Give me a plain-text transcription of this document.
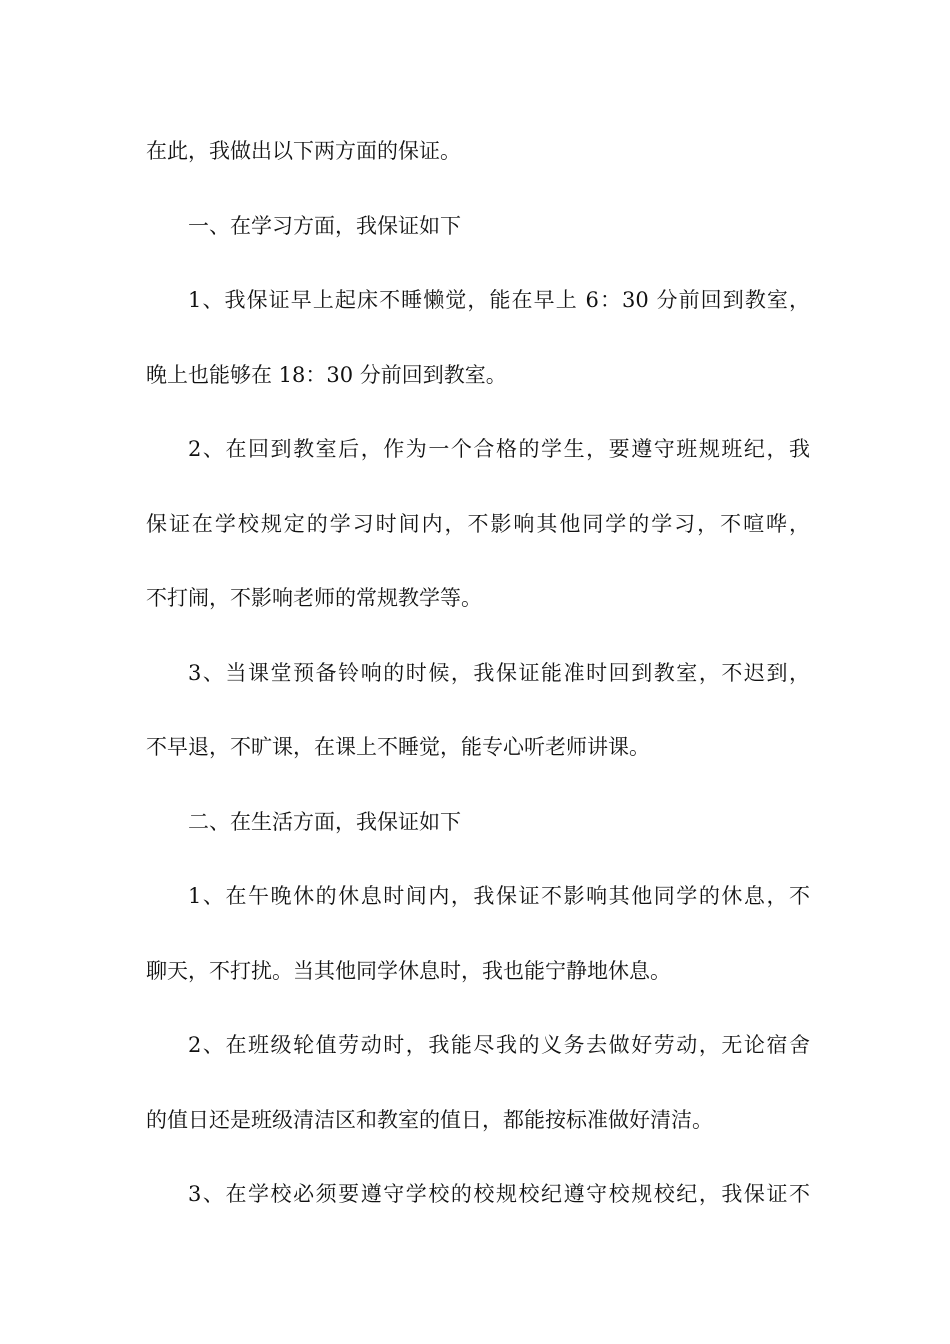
在此，我做出以下两方面的保证。
一、在学习方面，我保证如下
1、我保证早上起床不睡懒觉，能在早上 6：30 分前回到教室，
晚上也能够在 18：30 分前回到教室。
2、在回到教室后，作为一个合格的学生，要遵守班规班纪，我
保证在学校规定的学习时间内，不影响其他同学的学习，不喧哗，
不打闹，不影响老师的常规教学等。
3、当课堂预备铃响的时候，我保证能准时回到教室，不迟到，
不早退，不旷课，在课上不睡觉，能专心听老师讲课。
二、在生活方面，我保证如下
1、在午晚休的休息时间内，我保证不影响其他同学的休息，不
聊天，不打扰。当其他同学休息时，我也能宁静地休息。
2、在班级轮值劳动时，我能尽我的义务去做好劳动，无论宿舍
的值日还是班级清洁区和教室的值日，都能按标准做好清洁。
3、在学校必须要遵守学校的校规校纪遵守校规校纪，我保证不
